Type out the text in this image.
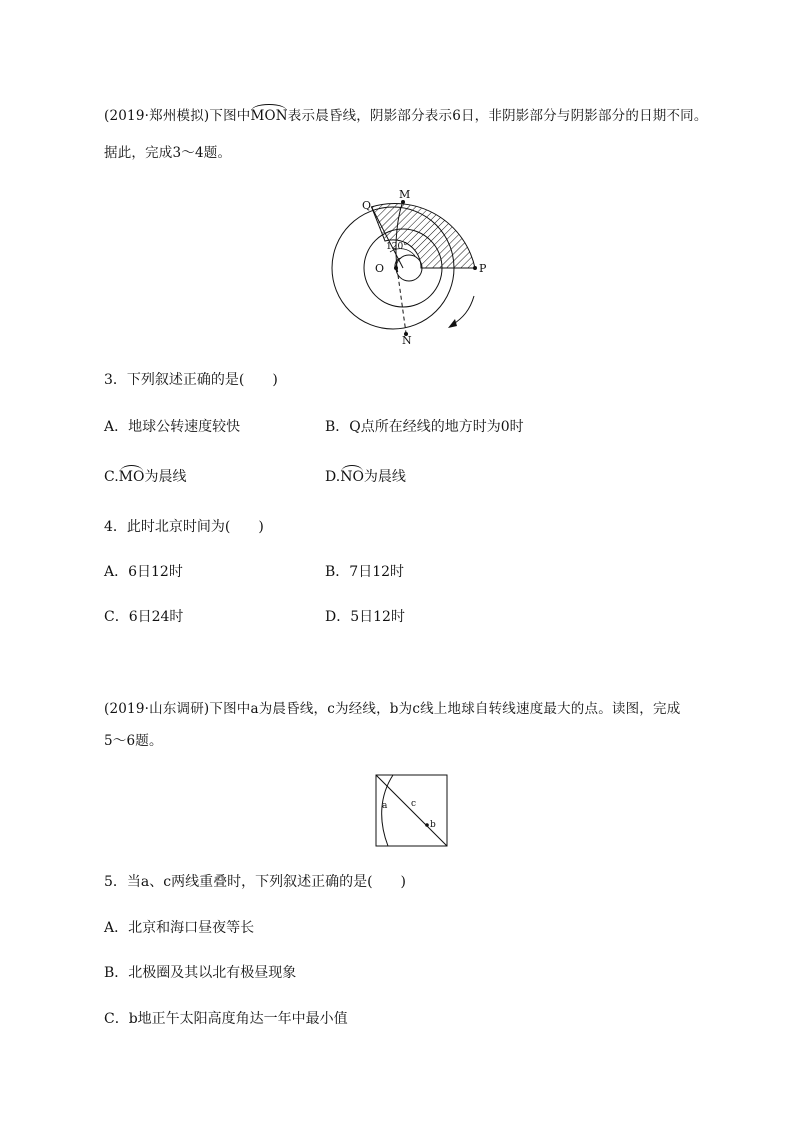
(2019·郑州模拟)下图中MON表示晨昏线，阴影部分表示6日，非阴影部分与阴影部分的日期不同。
据此，完成3～4题。
Q
M
O	P
N
120°
3．下列叙述正确的是(　　)
A．地球公转速度较快	B．Q点所在经线的地方时为0时
C.MO为晨线	D.NO为晨线
4．此时北京时间为(　　)
A．6日12时	B．7日12时
C．6日24时	D．5日12时
(2019·山东调研)下图中a为晨昏线，c为经线，b为c线上地球自转线速度最大的点。读图，完成
5～6题。
a	c
b
5．当a、c两线重叠时，下列叙述正确的是(　　)
A．北京和海口昼夜等长
B．北极圈及其以北有极昼现象
C．b地正午太阳高度角达一年中最小值
